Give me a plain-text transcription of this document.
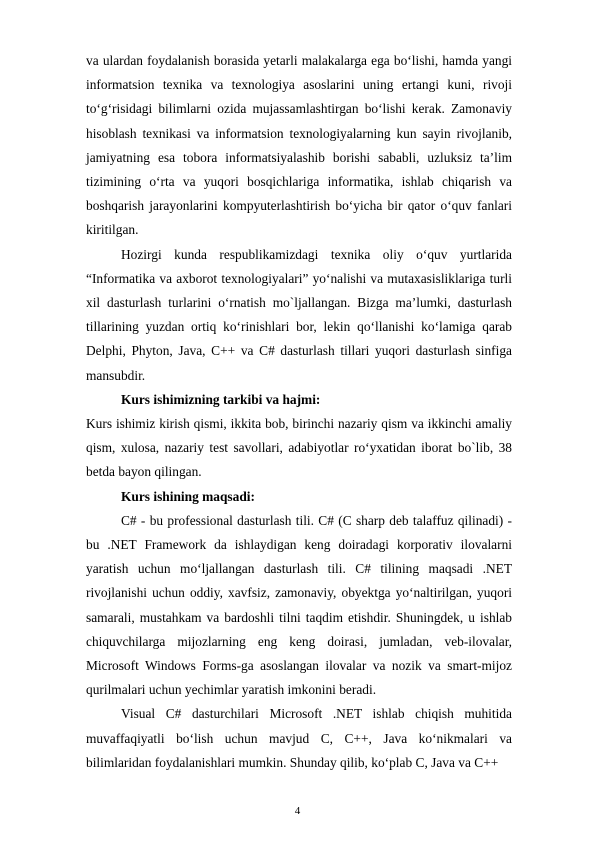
va ulardan foydalanish borasida yetarli malakalarga ega bo‘lishi, hamda yangi informatsion texnika va texnologiya asoslarini uning ertangi kuni, rivoji to‘g‘risidagi bilimlarni ozida mujassamlashtirgan bo‘lishi kerak. Zamonaviy hisoblash texnikasi va informatsion texnologiyalarning kun sayin rivojlanib, jamiyatning esa tobora informatsiyalashib borishi sababli, uzluksiz ta’lim tizimining o‘rta va yuqori bosqichlariga informatika, ishlab chiqarish va boshqarish jarayonlarini kompyuterlashtirish bo‘yicha bir qator o‘quv fanlari kiritilgan.

Hozirgi kunda respublikamizdagi texnika oliy o‘quv yurtlarida “Informatika va axborot texnologiyalari” yo‘nalishi va mutaxasisliklariga turli xil dasturlash turlarini o‘rnatish mo`ljallangan. Bizga ma’lumki, dasturlash tillarining yuzdan ortiq ko‘rinishlari bor, lekin qo‘llanishi ko‘lamiga qarab Delphi, Phyton, Java, C++ va C# dasturlash tillari yuqori dasturlash sinfiga mansubdir.

Kurs ishimizning tarkibi va hajmi:

Kurs ishimiz kirish qismi, ikkita bob, birinchi nazariy qism va ikkinchi amaliy qism, xulosa, nazariy test savollari, adabiyotlar ro‘yxatidan iborat bo`lib, 38 betda bayon qilingan.

Kurs ishining maqsadi:

C# - bu professional dasturlash tili. C# (C sharp deb talaffuz qilinadi) - bu .NET Framework da ishlaydigan keng doiradagi korporativ ilovalarni yaratish uchun mo‘ljallangan dasturlash tili. C# tilining maqsadi .NET rivojlanishi uchun oddiy, xavfsiz, zamonaviy, obyektga yo‘naltirilgan, yuqori samarali, mustahkam va bardoshli tilni taqdim etishdir. Shuningdek, u ishlab chiquvchilarga mijozlarning eng keng doirasi, jumladan, veb-ilovalar, Microsoft Windows Forms-ga asoslangan ilovalar va nozik va smart-mijoz qurilmalari uchun yechimlar yaratish imkonini beradi.

Visual C# dasturchilari Microsoft .NET ishlab chiqish muhitida muvaffaqiyatli bo‘lish uchun mavjud C, C++, Java ko‘nikmalari va bilimlaridan foydalanishlari mumkin. Shunday qilib, ko‘plab C, Java va C++

4
